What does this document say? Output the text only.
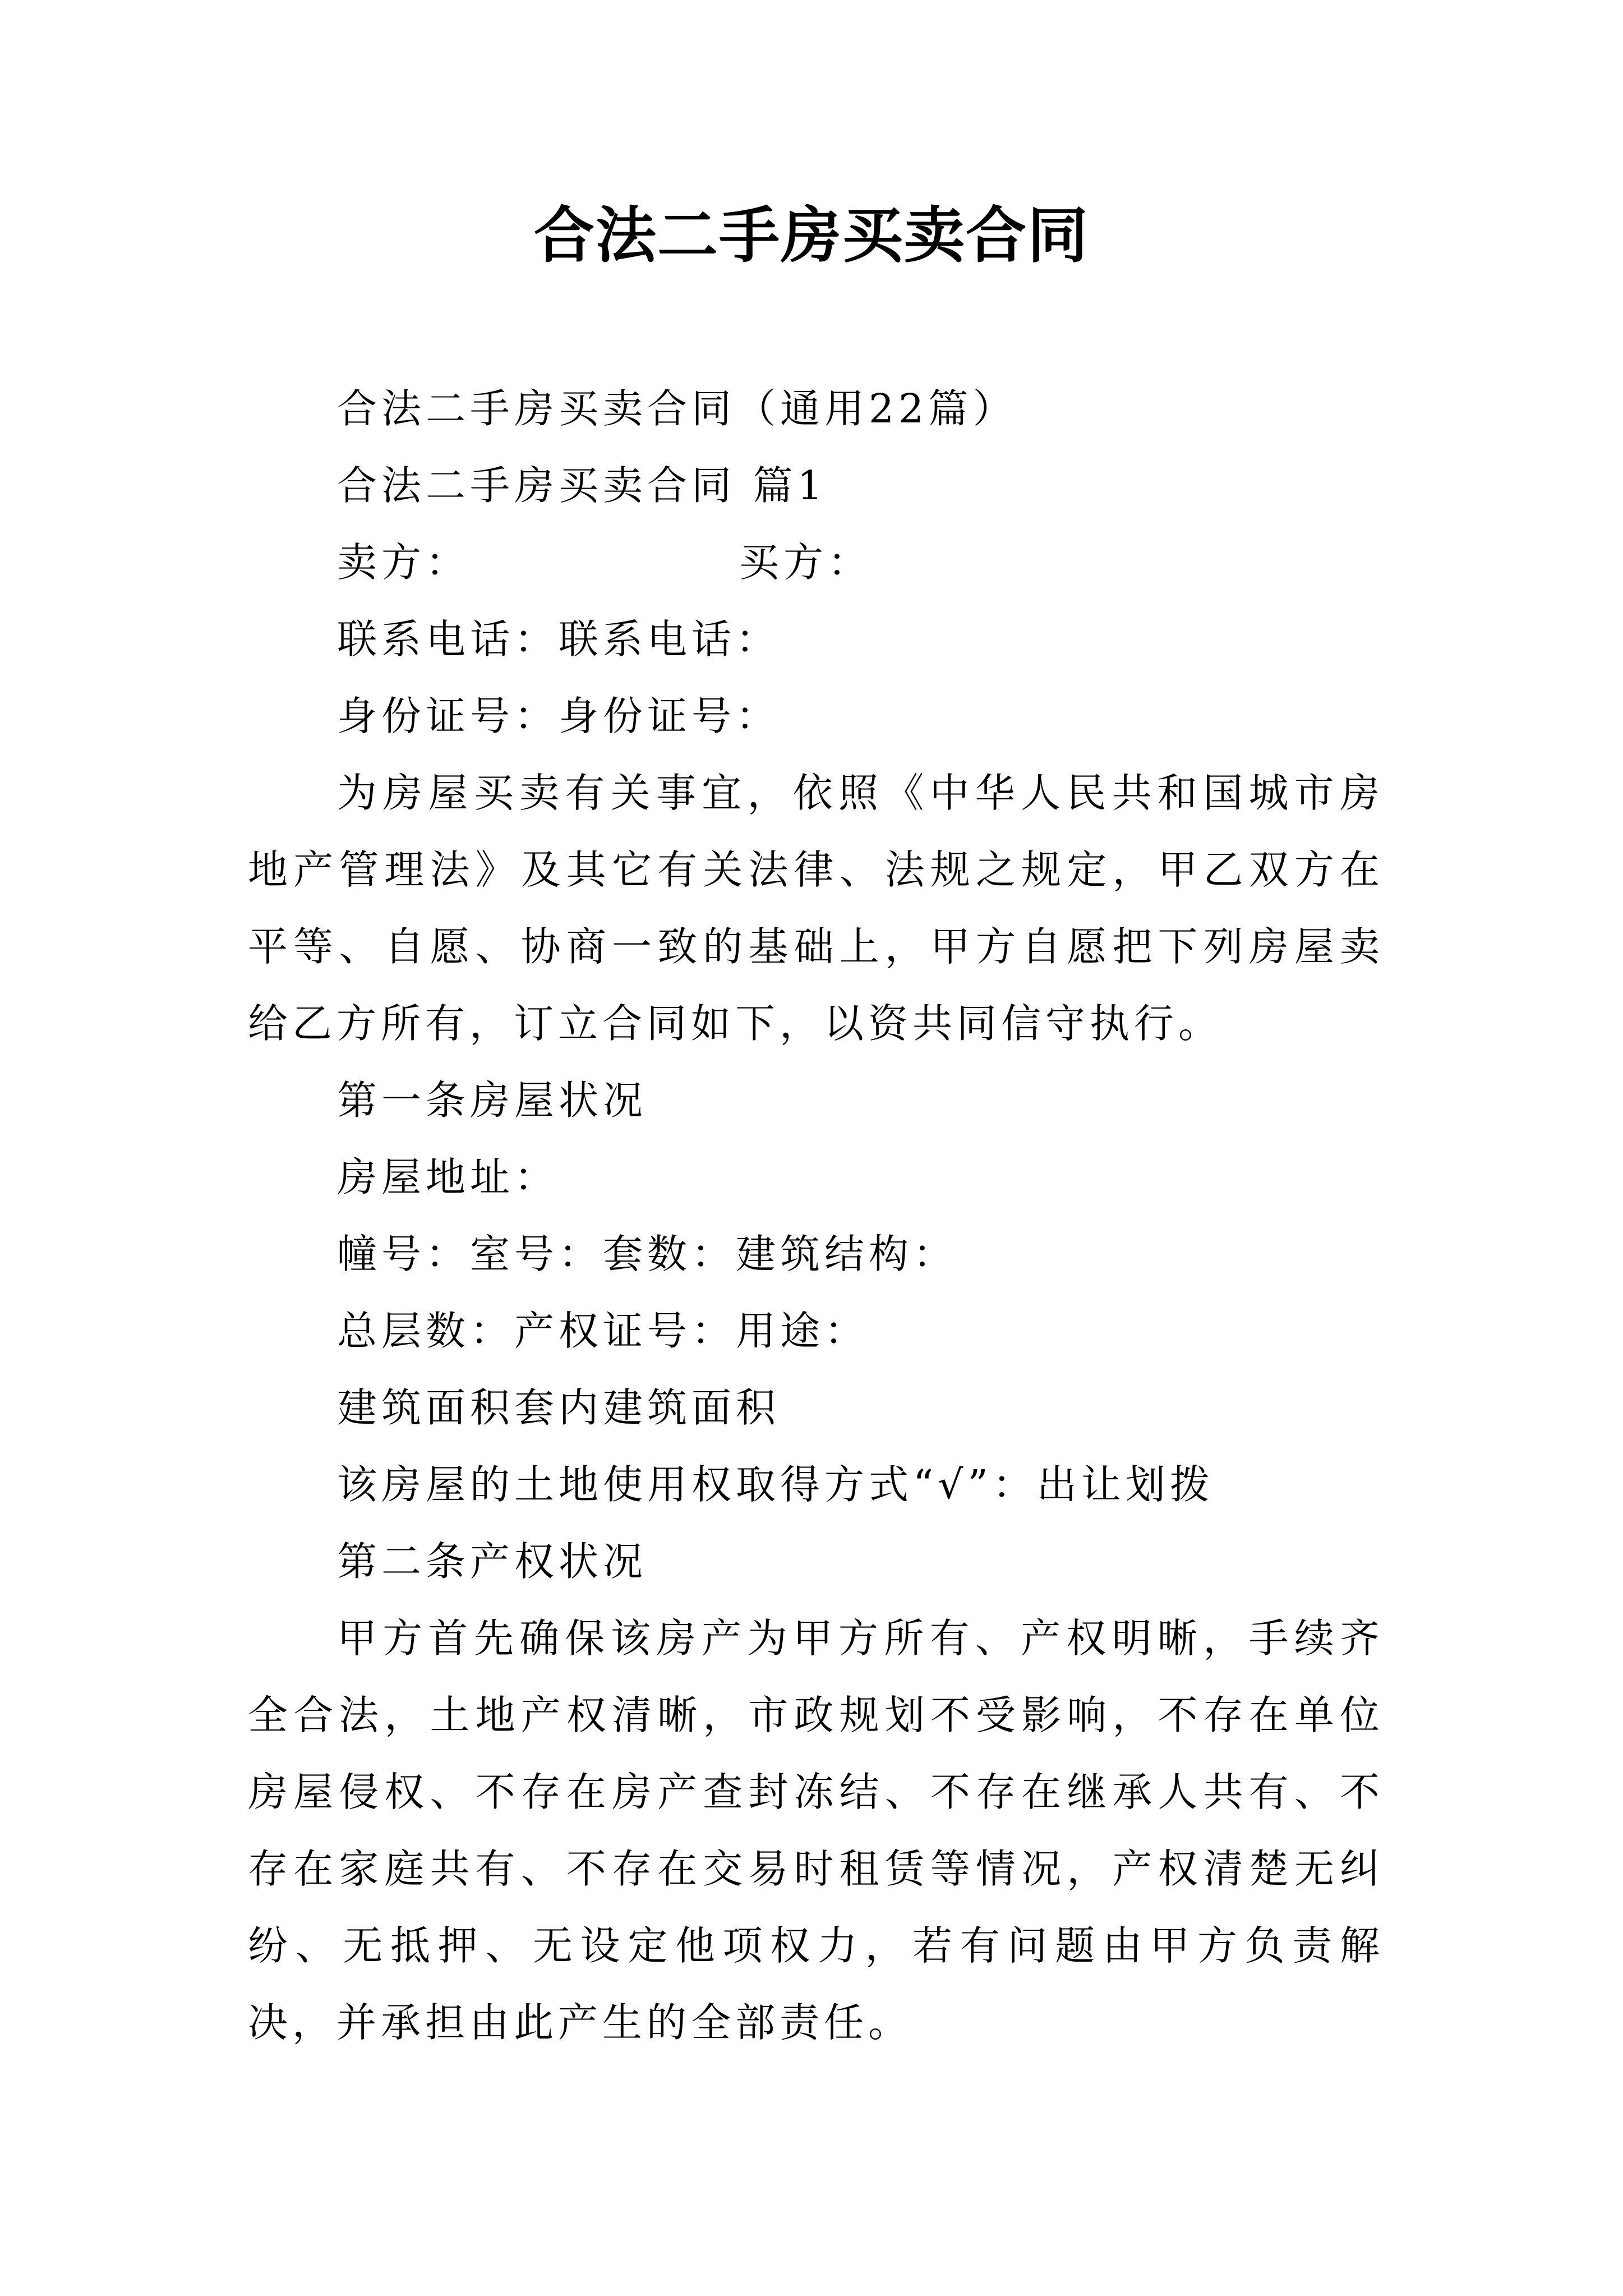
合法二手房买卖合同

合法二手房买卖合同（通用22篇）

合法二手房买卖合同 篇1

卖方：	买方：

联系电话：联系电话：

身份证号：身份证号：

为房屋买卖有关事宜，依照《中华人民共和国城市房地产管理法》及其它有关法律、法规之规定，甲乙双方在平等、自愿、协商一致的基础上，甲方自愿把下列房屋卖给乙方所有，订立合同如下，以资共同信守执行。

第一条房屋状况

房屋地址：

幢号：室号：套数：建筑结构：

总层数：产权证号：用途：

建筑面积套内建筑面积

该房屋的土地使用权取得方式“√”：出让划拨

第二条产权状况

甲方首先确保该房产为甲方所有、产权明晰，手续齐全合法，土地产权清晰，市政规划不受影响，不存在单位房屋侵权、不存在房产查封冻结、不存在继承人共有、不存在家庭共有、不存在交易时租赁等情况，产权清楚无纠纷、无抵押、无设定他项权力，若有问题由甲方负责解决，并承担由此产生的全部责任。
